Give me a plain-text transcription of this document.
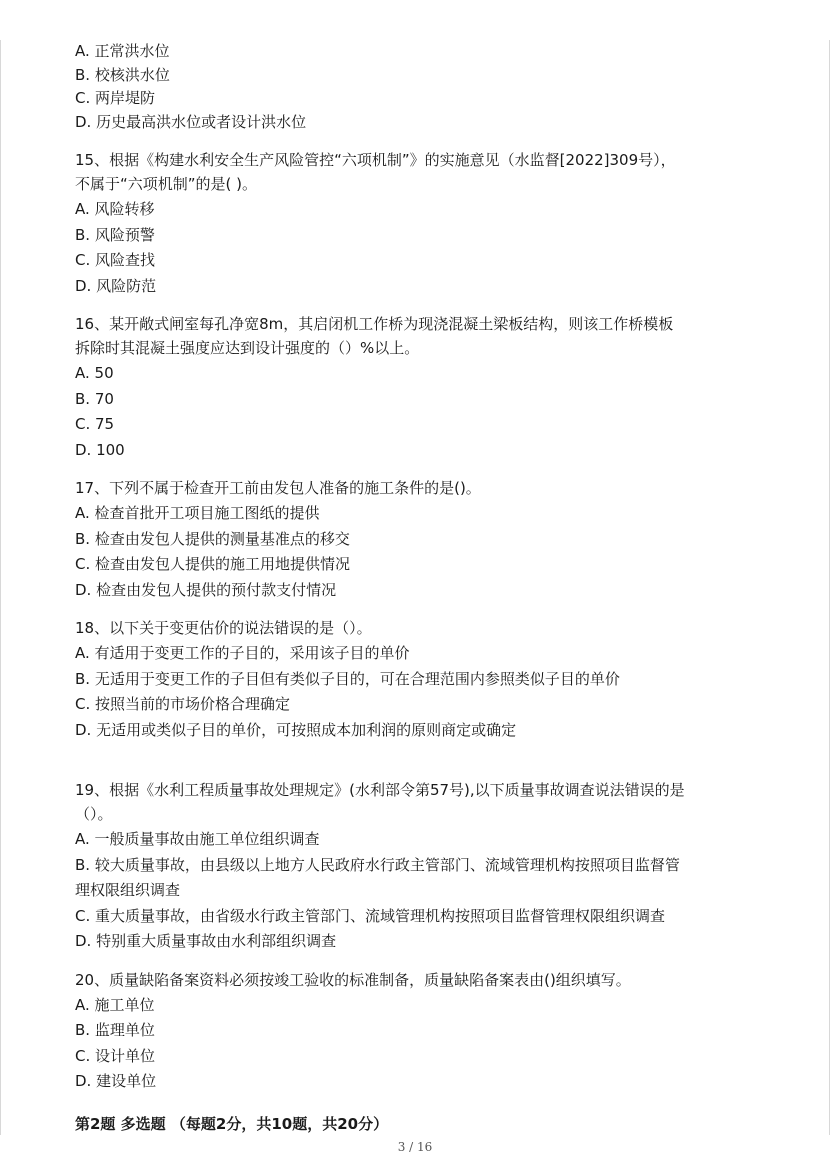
A. 正常洪水位
B. 校核洪水位
C. 两岸堤防
D. 历史最高洪水位或者设计洪水位
15、根据《构建水利安全生产风险管控“六项机制”》的实施意见（水监督[2022]309号），
不属于“六项机制”的是( )。
A. 风险转移
B. 风险预警
C. 风险查找
D. 风险防范
16、某开敞式闸室每孔净宽8m，其启闭机工作桥为现浇混凝土梁板结构，则该工作桥模板
拆除时其混凝土强度应达到设计强度的（）%以上。
A. 50
B. 70
C. 75
D. 100
17、下列不属于检查开工前由发包人准备的施工条件的是()。
A. 检查首批开工项目施工图纸的提供
B. 检查由发包人提供的测量基准点的移交
C. 检查由发包人提供的施工用地提供情况
D. 检查由发包人提供的预付款支付情况
18、以下关于变更估价的说法错误的是（）。
A. 有适用于变更工作的子目的，采用该子目的单价
B. 无适用于变更工作的子目但有类似子目的，可在合理范围内参照类似子目的单价
C. 按照当前的市场价格合理确定
D. 无适用或类似子目的单价，可按照成本加利润的原则商定或确定
19、根据《水利工程质量事故处理规定》(水利部令第57号),以下质量事故调查说法错误的是
（）。
A. 一般质量事故由施工单位组织调查
B. 较大质量事故，由县级以上地方人民政府水行政主管部门、流域管理机构按照项目监督管
理权限组织调查
C. 重大质量事故，由省级水行政主管部门、流域管理机构按照项目监督管理权限组织调查
D. 特别重大质量事故由水利部组织调查
20、质量缺陷备案资料必须按竣工验收的标准制备，质量缺陷备案表由()组织填写。
A. 施工单位
B. 监理单位
C. 设计单位
D. 建设单位
第2题 多选题 （每题2分，共10题，共20分）
3 / 16
